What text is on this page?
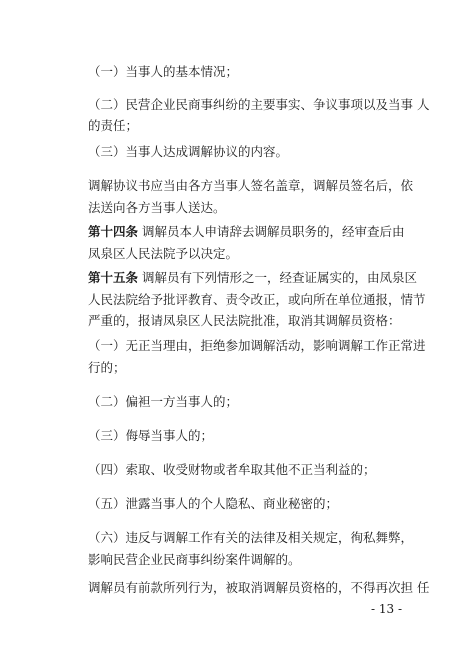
（一）当事人的基本情况；
（二）民营企业民商事纠纷的主要事实、争议事项以及当事 人
的责任；
（三）当事人达成调解协议的内容。
调解协议书应当由各方当事人签名盖章，调解员签名后，依
法送向各方当事人送达。
第十四条 调解员本人申请辞去调解员职务的，经审查后由
凤泉区人民法院予以决定。
第十五条 调解员有下列情形之一，经查证属实的，由凤泉区
人民法院给予批评教育、责令改正，或向所在单位通报，情节
严重的，报请凤泉区人民法院批准，取消其调解员资格：
（一）无正当理由，拒绝参加调解活动，影响调解工作正常进
行的；
（二）偏袒一方当事人的；
（三）侮辱当事人的；
（四）索取、收受财物或者牟取其他不正当利益的；
（五）泄露当事人的个人隐私、商业秘密的；
（六）违反与调解工作有关的法律及相关规定，徇私舞弊，
影响民营企业民商事纠纷案件调解的。
调解员有前款所列行为，被取消调解员资格的，不得再次担 任
- 13 -
